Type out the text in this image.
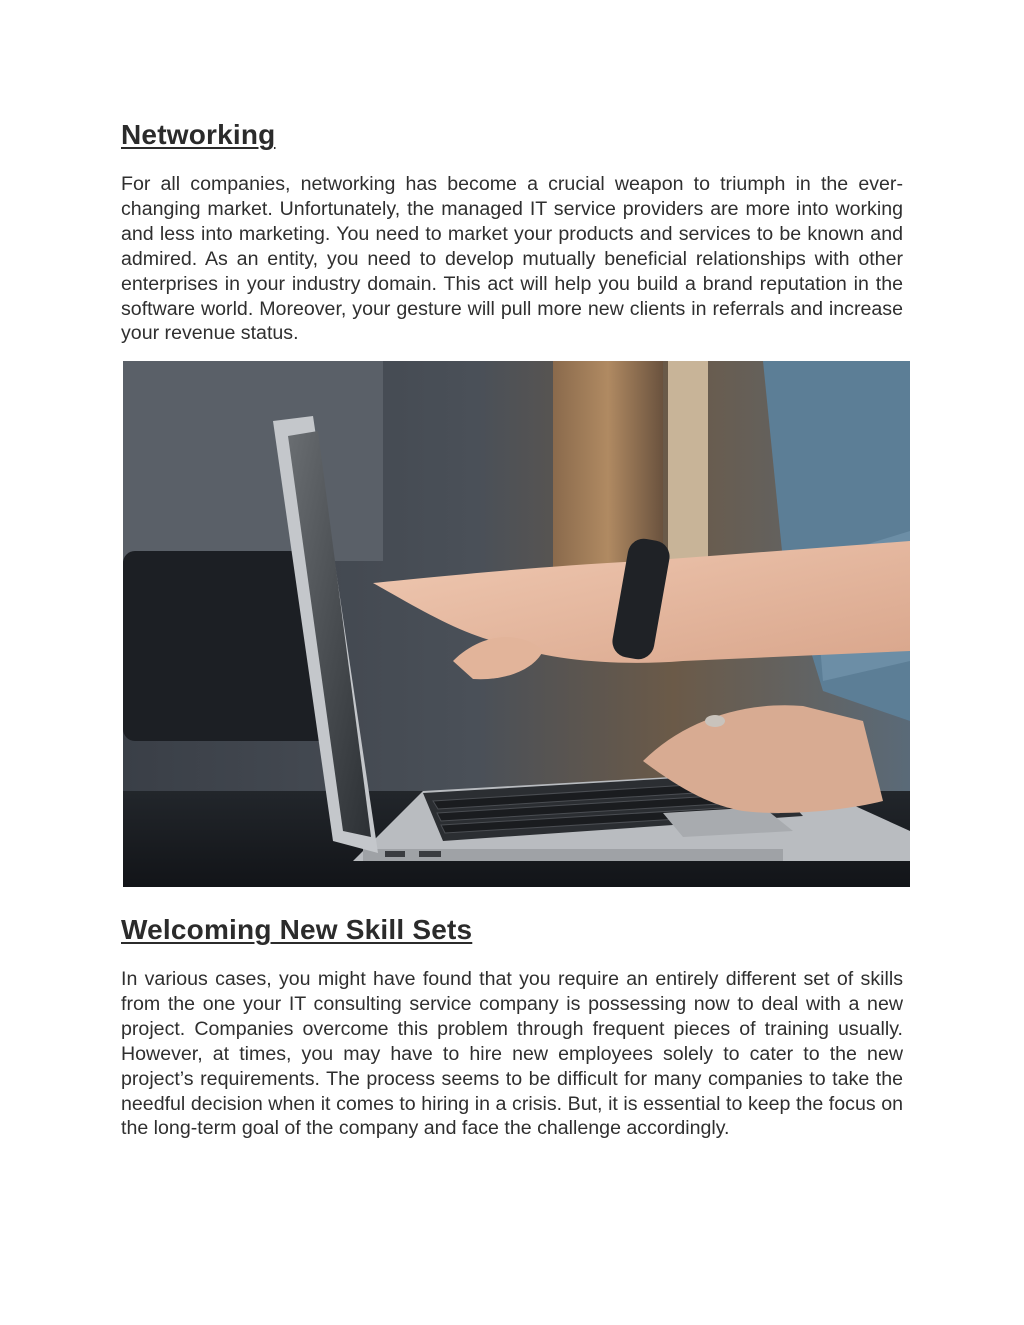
Networking

For all companies, networking has become a crucial weapon to triumph in the ever-changing market. Unfortunately, the managed IT service providers are more into working and less into marketing. You need to market your products and services to be known and admired. As an entity, you need to develop mutually beneficial relationships with other enterprises in your industry domain. This act will help you build a brand reputation in the software world. Moreover, your gesture will pull more new clients in referrals and increase your revenue status.

Welcoming New Skill Sets

In various cases, you might have found that you require an entirely different set of skills from the one your IT consulting service company is possessing now to deal with a new project. Companies overcome this problem through frequent pieces of training usually. However, at times, you may have to hire new employees solely to cater to the new project’s requirements. The process seems to be difficult for many companies to take the needful decision when it comes to hiring in a crisis. But, it is essential to keep the focus on the long-term goal of the company and face the challenge accordingly.
